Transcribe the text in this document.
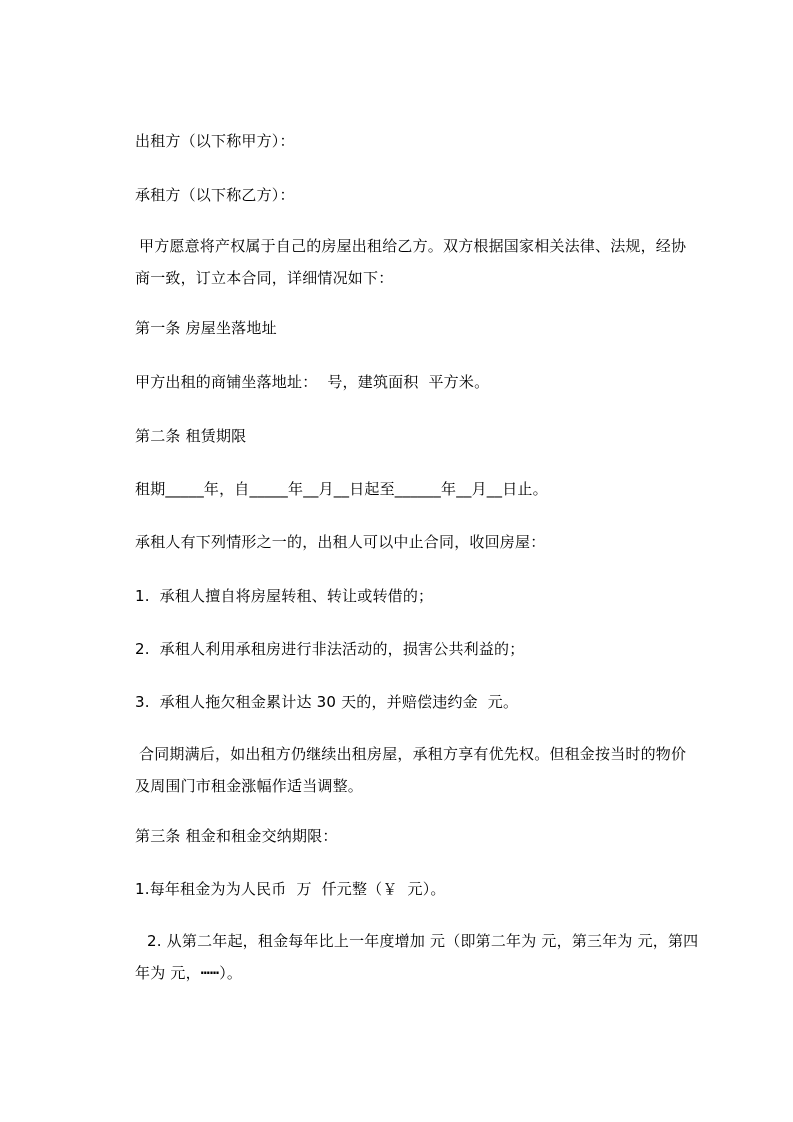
出租方（以下称甲方）：
承租方（以下称乙方）：
甲方愿意将产权属于自己的房屋出租给乙方。双方根据国家相关法律、法规，经协商一致，订立本合同，详细情况如下：
第一条 房屋坐落地址
甲方出租的商铺坐落地址：  号，建筑面积  平方米。
第二条 租赁期限
租期_____年，自_____年__月__日起至______年__月__日止。
承租人有下列情形之一的，出租人可以中止合同，收回房屋：
1.  承租人擅自将房屋转租、转让或转借的；
2.  承租人利用承租房进行非法活动的，损害公共利益的；
3.  承租人拖欠租金累计达 30 天的，并赔偿违约金  元。
合同期满后，如出租方仍继续出租房屋，承租方享有优先权。但租金按当时的物价及周围门市租金涨幅作适当调整。
第三条 租金和租金交纳期限：
1.每年租金为为人民币  万  仟元整（￥  元）。
2. 从第二年起，租金每年比上一年度增加 元（即第二年为 元，第三年为 元，第四年为 元，┅┅）。
